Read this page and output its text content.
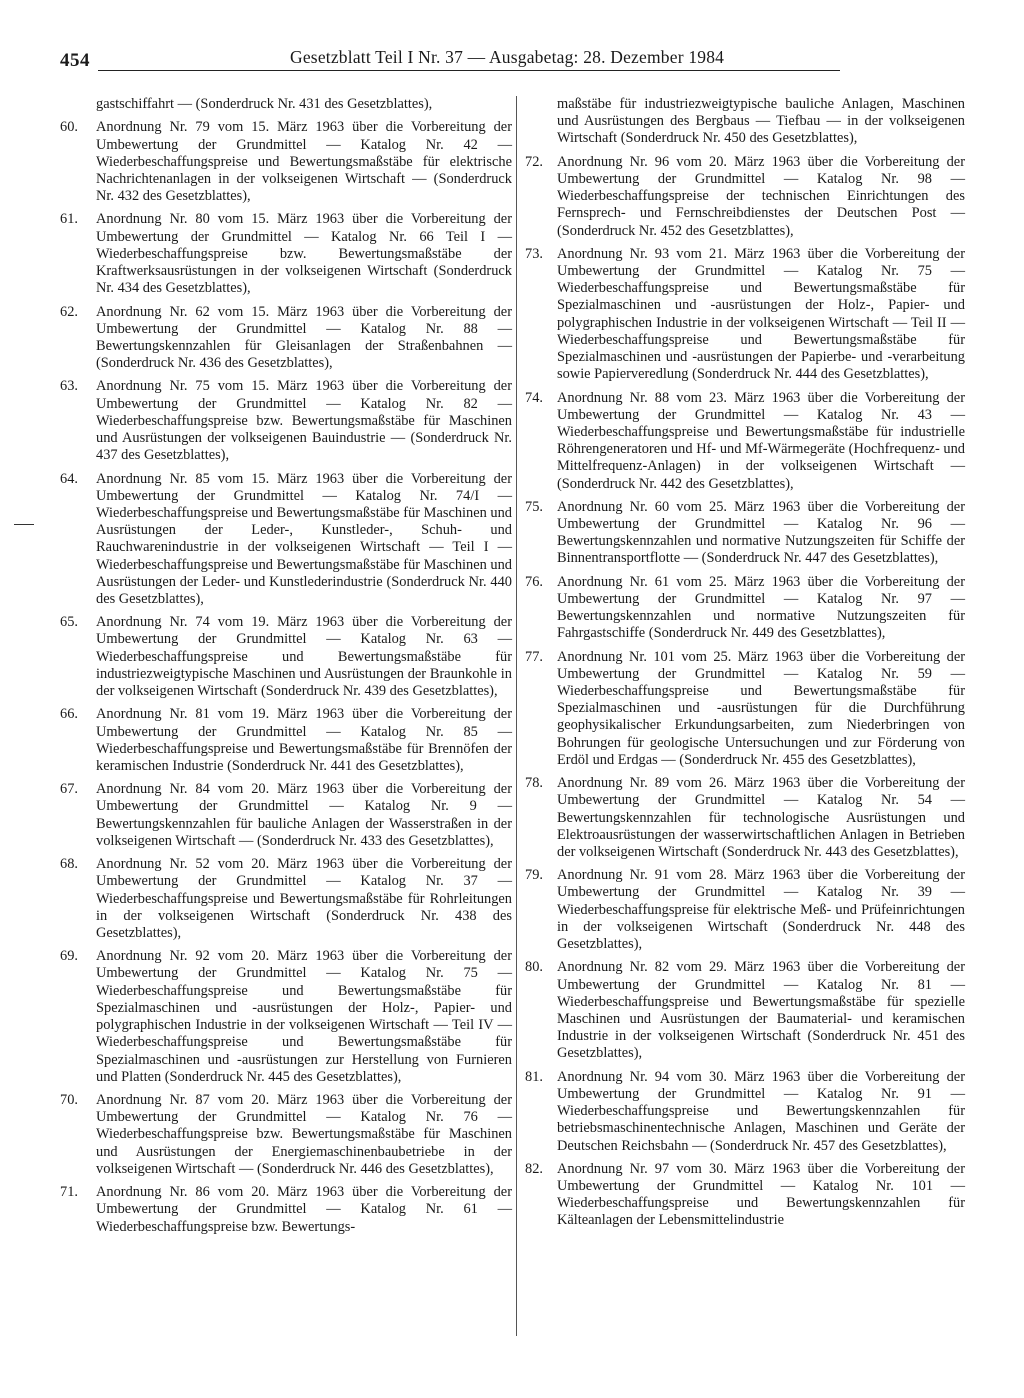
454	Gesetzblatt Teil I Nr. 37 — Ausgabetag: 28. Dezember 1984
gastschiffahrt — (Sonderdruck Nr. 431 des Gesetzblattes),
60. Anordnung Nr. 79 vom 15. März 1963 über die Vorbereitung der Umbewertung der Grundmittel — Katalog Nr. 42 — Wiederbeschaffungspreise und Bewertungsmaßstäbe für elektrische Nachrichtenanlagen in der volkseigenen Wirtschaft — (Sonderdruck Nr. 432 des Gesetzblattes),
61. Anordnung Nr. 80 vom 15. März 1963 über die Vorbereitung der Umbewertung der Grundmittel — Katalog Nr. 66 Teil I — Wiederbeschaffungspreise bzw. Bewertungsmaßstäbe der Kraftwerksausrüstungen in der volkseigenen Wirtschaft (Sonderdruck Nr. 434 des Gesetzblattes),
62. Anordnung Nr. 62 vom 15. März 1963 über die Vorbereitung der Umbewertung der Grundmittel — Katalog Nr. 88 — Bewertungskennzahlen für Gleisanlagen der Straßenbahnen — (Sonderdruck Nr. 436 des Gesetzblattes),
63. Anordnung Nr. 75 vom 15. März 1963 über die Vorbereitung der Umbewertung der Grundmittel — Katalog Nr. 82 — Wiederbeschaffungspreise bzw. Bewertungsmaßstäbe für Maschinen und Ausrüstungen der volkseigenen Bauindustrie — (Sonderdruck Nr. 437 des Gesetzblattes),
64. Anordnung Nr. 85 vom 15. März 1963 über die Vorbereitung der Umbewertung der Grundmittel — Katalog Nr. 74/I — Wiederbeschaffungspreise und Bewertungsmaßstäbe für Maschinen und Ausrüstungen der Leder-, Kunstleder-, Schuh- und Rauchwarenindustrie in der volkseigenen Wirtschaft — Teil I — Wiederbeschaffungspreise und Bewertungsmaßstäbe für Maschinen und Ausrüstungen der Leder- und Kunstlederindustrie (Sonderdruck Nr. 440 des Gesetzblattes),
65. Anordnung Nr. 74 vom 19. März 1963 über die Vorbereitung der Umbewertung der Grundmittel — Katalog Nr. 63 — Wiederbeschaffungspreise und Bewertungsmaßstäbe für industriezweigtypische Maschinen und Ausrüstungen der Braunkohle in der volkseigenen Wirtschaft (Sonderdruck Nr. 439 des Gesetzblattes),
66. Anordnung Nr. 81 vom 19. März 1963 über die Vorbereitung der Umbewertung der Grundmittel — Katalog Nr. 85 — Wiederbeschaffungspreise und Bewertungsmaßstäbe für Brennöfen der keramischen Industrie (Sonderdruck Nr. 441 des Gesetzblattes),
67. Anordnung Nr. 84 vom 20. März 1963 über die Vorbereitung der Umbewertung der Grundmittel — Katalog Nr. 9 — Bewertungskennzahlen für bauliche Anlagen der Wasserstraßen in der volkseigenen Wirtschaft — (Sonderdruck Nr. 433 des Gesetzblattes),
68. Anordnung Nr. 52 vom 20. März 1963 über die Vorbereitung der Umbewertung der Grundmittel — Katalog Nr. 37 — Wiederbeschaffungspreise und Bewertungsmaßstäbe für Rohrleitungen in der volkseigenen Wirtschaft (Sonderdruck Nr. 438 des Gesetzblattes),
69. Anordnung Nr. 92 vom 20. März 1963 über die Vorbereitung der Umbewertung der Grundmittel — Katalog Nr. 75 — Wiederbeschaffungspreise und Bewertungsmaßstäbe für Spezialmaschinen und -ausrüstungen der Holz-, Papier- und polygraphischen Industrie in der volkseigenen Wirtschaft — Teil IV — Wiederbeschaffungspreise und Bewertungsmaßstäbe für Spezialmaschinen und -ausrüstungen zur Herstellung von Furnieren und Platten (Sonderdruck Nr. 445 des Gesetzblattes),
70. Anordnung Nr. 87 vom 20. März 1963 über die Vorbereitung der Umbewertung der Grundmittel — Katalog Nr. 76 — Wiederbeschaffungspreise bzw. Bewertungsmaßstäbe für Maschinen und Ausrüstungen der Energiemaschinenbaubetriebe in der volkseigenen Wirtschaft — (Sonderdruck Nr. 446 des Gesetzblattes),
71. Anordnung Nr. 86 vom 20. März 1963 über die Vorbereitung der Umbewertung der Grundmittel — Katalog Nr. 61 — Wiederbeschaffungspreise bzw. Bewertungs-
maßstäbe für industriezweigtypische bauliche Anlagen, Maschinen und Ausrüstungen des Bergbaus — Tiefbau — in der volkseigenen Wirtschaft (Sonderdruck Nr. 450 des Gesetzblattes),
72. Anordnung Nr. 96 vom 20. März 1963 über die Vorbereitung der Umbewertung der Grundmittel — Katalog Nr. 98 — Wiederbeschaffungspreise der technischen Einrichtungen des Fernsprech- und Fernschreibdienstes der Deutschen Post — (Sonderdruck Nr. 452 des Gesetzblattes),
73. Anordnung Nr. 93 vom 21. März 1963 über die Vorbereitung der Umbewertung der Grundmittel — Katalog Nr. 75 — Wiederbeschaffungspreise und Bewertungsmaßstäbe für Spezialmaschinen und -ausrüstungen der Holz-, Papier- und polygraphischen Industrie in der volkseigenen Wirtschaft — Teil II — Wiederbeschaffungspreise und Bewertungsmaßstäbe für Spezialmaschinen und -ausrüstungen der Papierbe- und -verarbeitung sowie Papierveredlung (Sonderdruck Nr. 444 des Gesetzblattes),
74. Anordnung Nr. 88 vom 23. März 1963 über die Vorbereitung der Umbewertung der Grundmittel — Katalog Nr. 43 — Wiederbeschaffungspreise und Bewertungsmaßstäbe für industrielle Röhrengeneratoren und Hf- und Mf-Wärmegeräte (Hochfrequenz- und Mittelfrequenz-Anlagen) in der volkseigenen Wirtschaft — (Sonderdruck Nr. 442 des Gesetzblattes),
75. Anordnung Nr. 60 vom 25. März 1963 über die Vorbereitung der Umbewertung der Grundmittel — Katalog Nr. 96 — Bewertungskennzahlen und normative Nutzungszeiten für Schiffe der Binnentransportflotte — (Sonderdruck Nr. 447 des Gesetzblattes),
76. Anordnung Nr. 61 vom 25. März 1963 über die Vorbereitung der Umbewertung der Grundmittel — Katalog Nr. 97 — Bewertungskennzahlen und normative Nutzungszeiten für Fahrgastschiffe (Sonderdruck Nr. 449 des Gesetzblattes),
77. Anordnung Nr. 101 vom 25. März 1963 über die Vorbereitung der Umbewertung der Grundmittel — Katalog Nr. 59 — Wiederbeschaffungspreise und Bewertungsmaßstäbe für Spezialmaschinen und -ausrüstungen für die Durchführung geophysikalischer Erkundungsarbeiten, zum Niederbringen von Bohrungen für geologische Untersuchungen und zur Förderung von Erdöl und Erdgas — (Sonderdruck Nr. 455 des Gesetzblattes),
78. Anordnung Nr. 89 vom 26. März 1963 über die Vorbereitung der Umbewertung der Grundmittel — Katalog Nr. 54 — Bewertungskennzahlen für technologische Ausrüstungen und Elektroausrüstungen der wasserwirtschaftlichen Anlagen in Betrieben der volkseigenen Wirtschaft (Sonderdruck Nr. 443 des Gesetzblattes),
79. Anordnung Nr. 91 vom 28. März 1963 über die Vorbereitung der Umbewertung der Grundmittel — Katalog Nr. 39 — Wiederbeschaffungspreise für elektrische Meß- und Prüfeinrichtungen in der volkseigenen Wirtschaft (Sonderdruck Nr. 448 des Gesetzblattes),
80. Anordnung Nr. 82 vom 29. März 1963 über die Vorbereitung der Umbewertung der Grundmittel — Katalog Nr. 81 — Wiederbeschaffungspreise und Bewertungsmaßstäbe für spezielle Maschinen und Ausrüstungen der Baumaterial- und keramischen Industrie in der volkseigenen Wirtschaft (Sonderdruck Nr. 451 des Gesetzblattes),
81. Anordnung Nr. 94 vom 30. März 1963 über die Vorbereitung der Umbewertung der Grundmittel — Katalog Nr. 91 — Wiederbeschaffungspreise und Bewertungskennzahlen für betriebsmaschinentechnische Anlagen, Maschinen und Geräte der Deutschen Reichsbahn — (Sonderdruck Nr. 457 des Gesetzblattes),
82. Anordnung Nr. 97 vom 30. März 1963 über die Vorbereitung der Umbewertung der Grundmittel — Katalog Nr. 101 — Wiederbeschaffungspreise und Bewertungskennzahlen für Kälteanlagen der Lebensmittelindustrie
